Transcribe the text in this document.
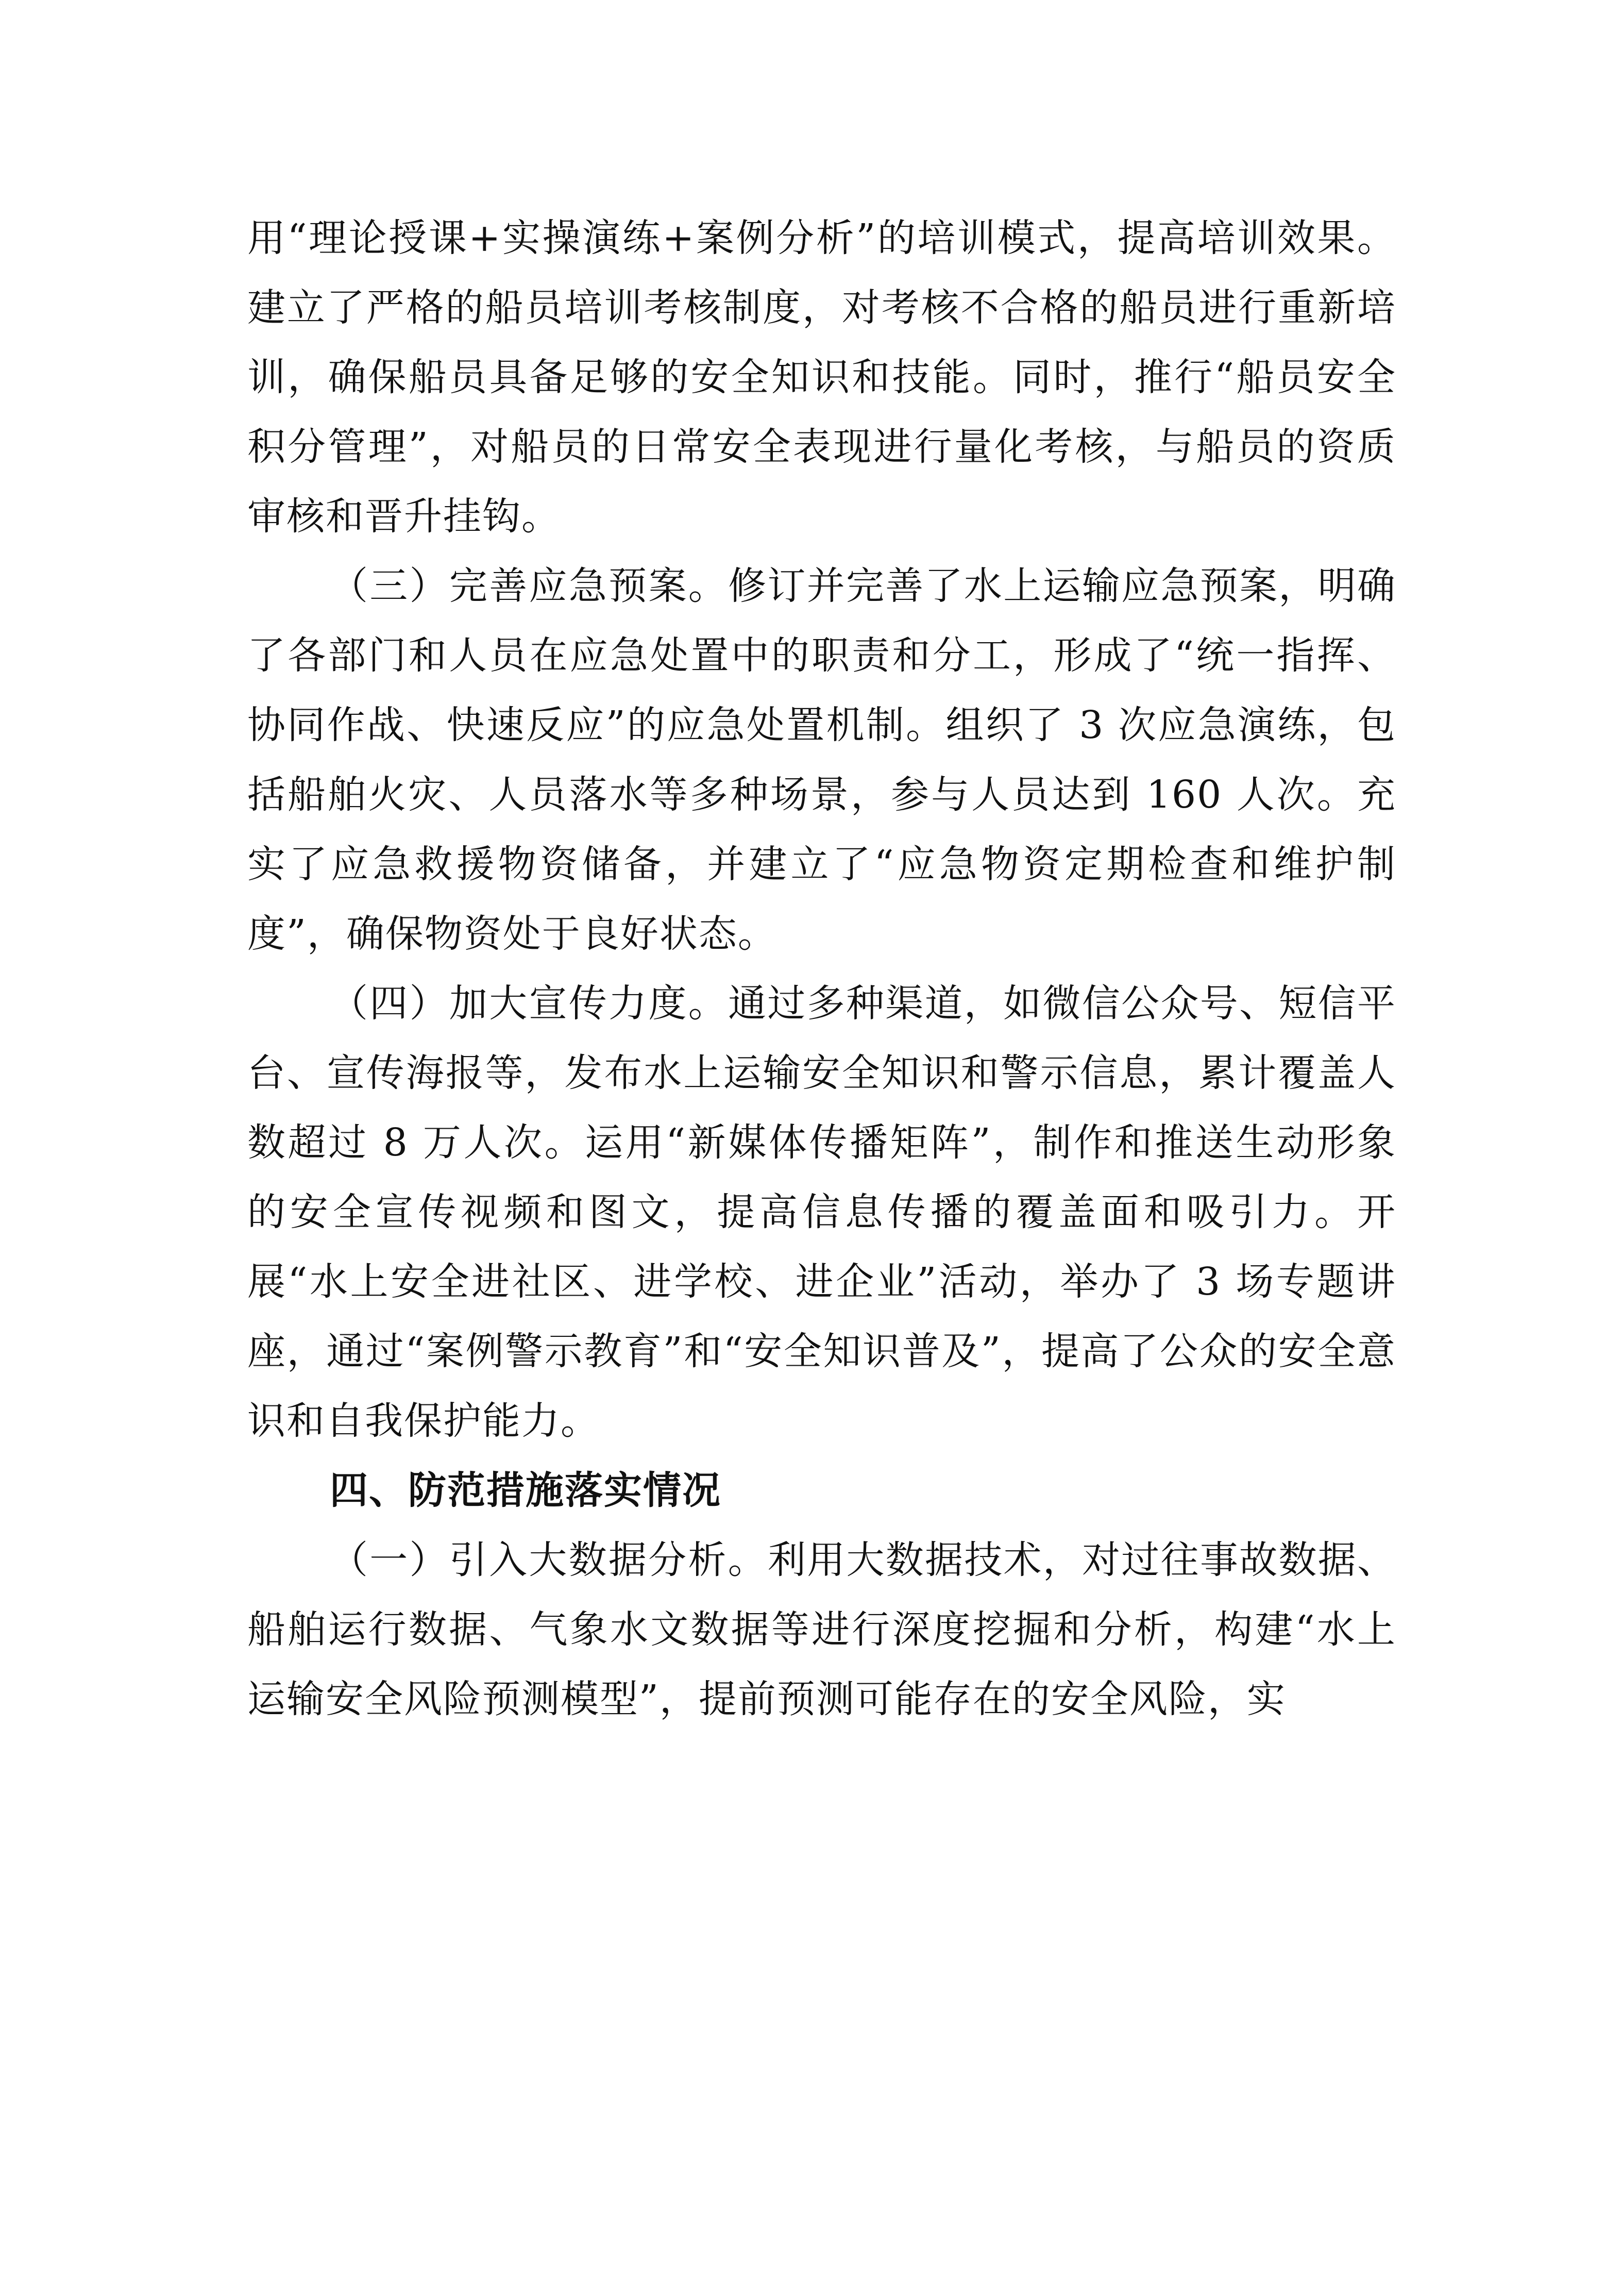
用“理论授课+实操演练+案例分析”的培训模式，提高培训效果。建立了严格的船员培训考核制度，对考核不合格的船员进行重新培训，确保船员具备足够的安全知识和技能。同时，推行“船员安全积分管理”，对船员的日常安全表现进行量化考核，与船员的资质审核和晋升挂钩。

（三）完善应急预案。修订并完善了水上运输应急预案，明确了各部门和人员在应急处置中的职责和分工，形成了“统一指挥、协同作战、快速反应”的应急处置机制。组织了 3 次应急演练，包括船舶火灾、人员落水等多种场景，参与人员达到 160 人次。充实了应急救援物资储备，并建立了“应急物资定期检查和维护制度”，确保物资处于良好状态。

（四）加大宣传力度。通过多种渠道，如微信公众号、短信平台、宣传海报等，发布水上运输安全知识和警示信息，累计覆盖人数超过 8 万人次。运用“新媒体传播矩阵”，制作和推送生动形象的安全宣传视频和图文，提高信息传播的覆盖面和吸引力。开展“水上安全进社区、进学校、进企业”活动，举办了 3 场专题讲座，通过“案例警示教育”和“安全知识普及”，提高了公众的安全意识和自我保护能力。

四、防范措施落实情况

（一）引入大数据分析。利用大数据技术，对过往事故数据、船舶运行数据、气象水文数据等进行深度挖掘和分析，构建“水上运输安全风险预测模型”，提前预测可能存在的安全风险，实
